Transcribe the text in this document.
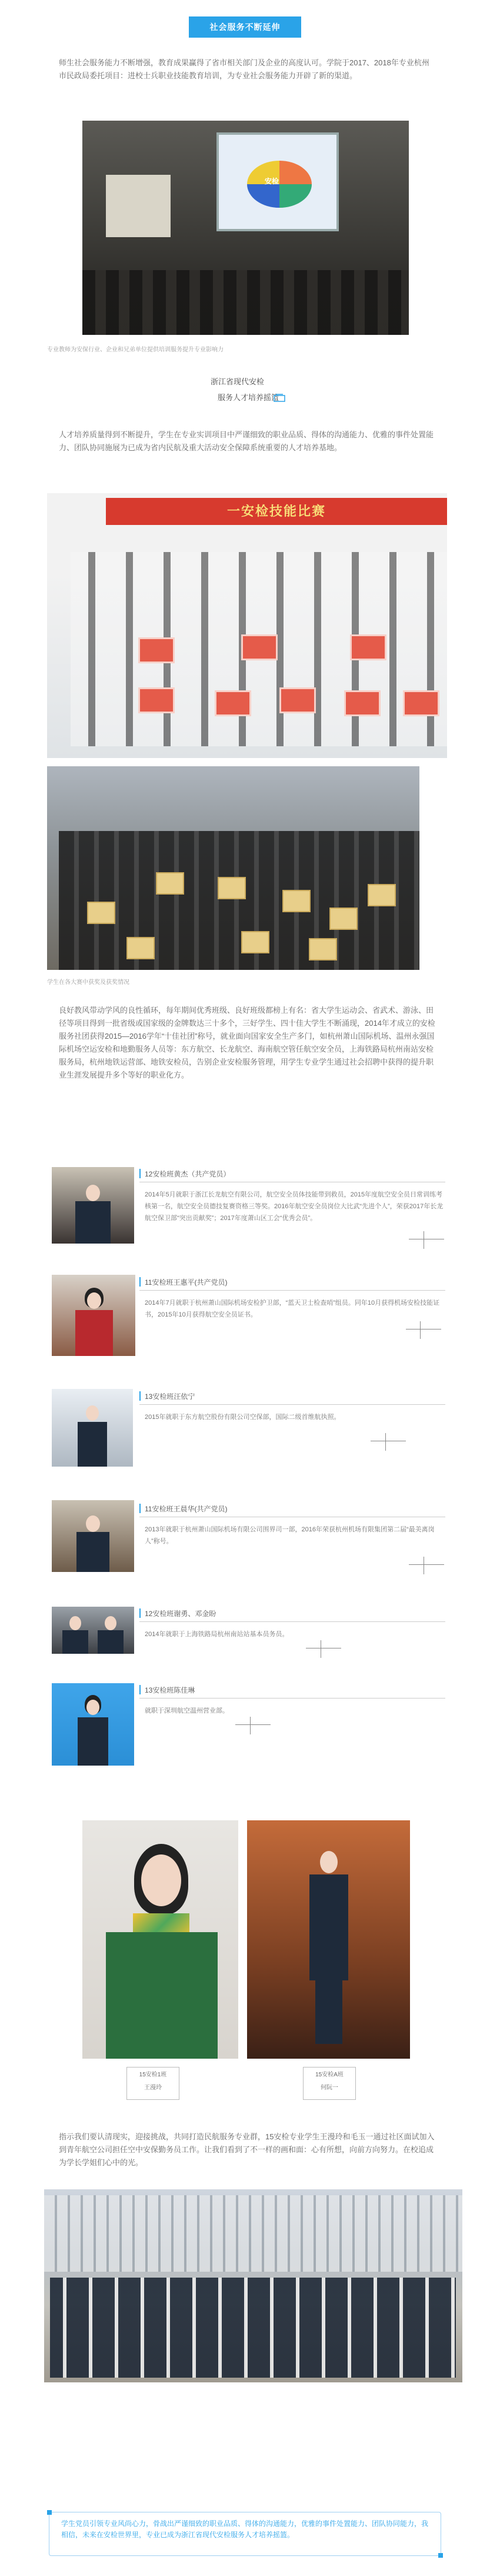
社会服务不断延伸

师生社会服务能力不断增强，教育成果赢得了省市相关部门及企业的高度认可。学院于2017、2018年专业杭州市民政局委托项目：进校士兵职业技能教育培训，为专业社会服务能力开辟了新的渠道。

安检

专业教师为安保行业、企业和兄弟单位提供培训服务提升专业影响力

浙江省现代安检
服务人才培养摇篮

人才培养质量得到不断提升，学生在专业实训项目中严谨细致的职业品质、得体的沟通能力、优雅的事件处置能力、团队协同施展为已成为省内民航及重大活动安全保障系统重要的人才培养基地。

一安检技能比赛

学生在各大赛中获奖及获奖情况

良好教风带动学风的良性循环，每年期间优秀班级、良好班级都榜上有名：省大学生运动会、省武术、游泳、田径等项目得到一批省级或国家级的金牌数达三十多个，三好学生、四十佳大学生不断涌现，2014年才成立的安检服务社团获得2015—2016学年“十佳社团”称号，就业面向国家安全生产多门，如杭州萧山国际机场、温州永强国际机场空运安检和地勤服务人员等：东方航空、长龙航空、海南航空管任航空安全员，上海铁路局杭州南站安检服务局，杭州地铁运营部、地铁安检员，告别企业安检服务管理，用学生专业学生通过社会招聘中获得的提升职业生涯发展提升多个等好的职业化方。

12安检班黄杰（共产党员）
2014年5月就职于浙江长龙航空有限公司，航空安全员体技能带到救员，2015年度航空安全员日常训练考核第一名，航空安全员德技复赛资格三等奖。2016年航空安全员岗位大比武“先进个人”，荣获2017年长龙航空保卫部“突出贡献奖”；2017年度萧山区工会“优秀会员”。
11安检班王惠平(共产党员)
2014年7月就职于杭州萧山国际机场安检护卫部，“蓝天卫士检查哨”组员。同年10月获得机场安检技能证书，2015年10月获得航空安全员证书。
13安检班汪依宁
2015年就职于东方航空股份有限公司空保部，国际二级首维航执照。
11安检班王晨华(共产党员)
2013年就职于杭州萧山国际机场有限公司围界司一部，2016年荣获杭州机场有限集团第二届“最美离岗人”称号。
12安检班谢勇、邓金盼
2014年就职于上海铁路局杭州南站站基本员务员。
13安检班陈佳琳
就职于深圳航空温州营业部。
15安检1班
王漫玲
15安检A班
何阮一

指示我们要认清现实，迎接挑战，共同打造民航服务专业群，15安检专业学生王漫玲和毛玉一通过社区面试加入到青年航空公司担任空中安保勤务员工作。让我们看到了不一样的画和面：心有所想，向前方向努力。在校追成为学长学姐们心中的光。

学生党员引领专业风尚心力，骨战出严谨细致的职业品质、得体的沟通能力，优雅的事件处置能力、团队协同能力，我相信，未来在安检世界里，专业已成为浙江省现代安检服务人才培养摇篮。
